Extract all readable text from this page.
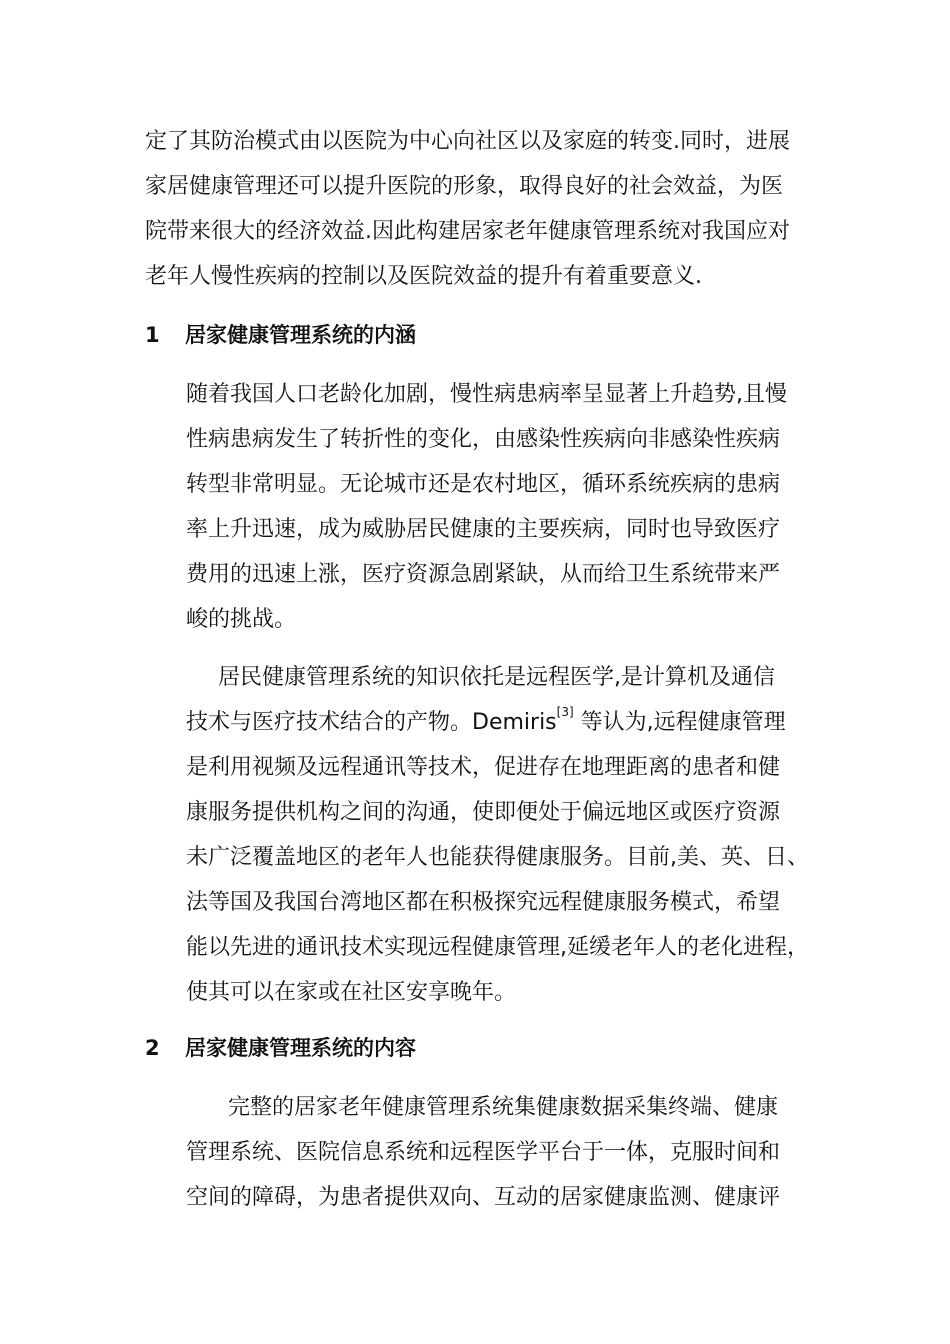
定了其防治模式由以医院为中心向社区以及家庭的转变.同时，进展
家居健康管理还可以提升医院的形象，取得良好的社会效益，为医
院带来很大的经济效益.因此构建居家老年健康管理系统对我国应对
老年人慢性疾病的控制以及医院效益的提升有着重要意义.
1 居家健康管理系统的内涵
随着我国人口老龄化加剧，慢性病患病率呈显著上升趋势,且慢
性病患病发生了转折性的变化，由感染性疾病向非感染性疾病
转型非常明显。无论城市还是农村地区，循环系统疾病的患病
率上升迅速，成为威胁居民健康的主要疾病，同时也导致医疗
费用的迅速上涨，医疗资源急剧紧缺，从而给卫生系统带来严
峻的挑战。
居民健康管理系统的知识依托是远程医学,是计算机及通信
技术与医疗技术结合的产物。Demiris[3] 等认为,远程健康管理
是利用视频及远程通讯等技术，促进存在地理距离的患者和健
康服务提供机构之间的沟通，使即便处于偏远地区或医疗资源
未广泛覆盖地区的老年人也能获得健康服务。目前,美、英、日、
法等国及我国台湾地区都在积极探究远程健康服务模式，希望
能以先进的通讯技术实现远程健康管理,延缓老年人的老化进程，
使其可以在家或在社区安享晚年。
2 居家健康管理系统的内容
完整的居家老年健康管理系统集健康数据采集终端、健康
管理系统、医院信息系统和远程医学平台于一体，克服时间和
空间的障碍，为患者提供双向、互动的居家健康监测、健康评
